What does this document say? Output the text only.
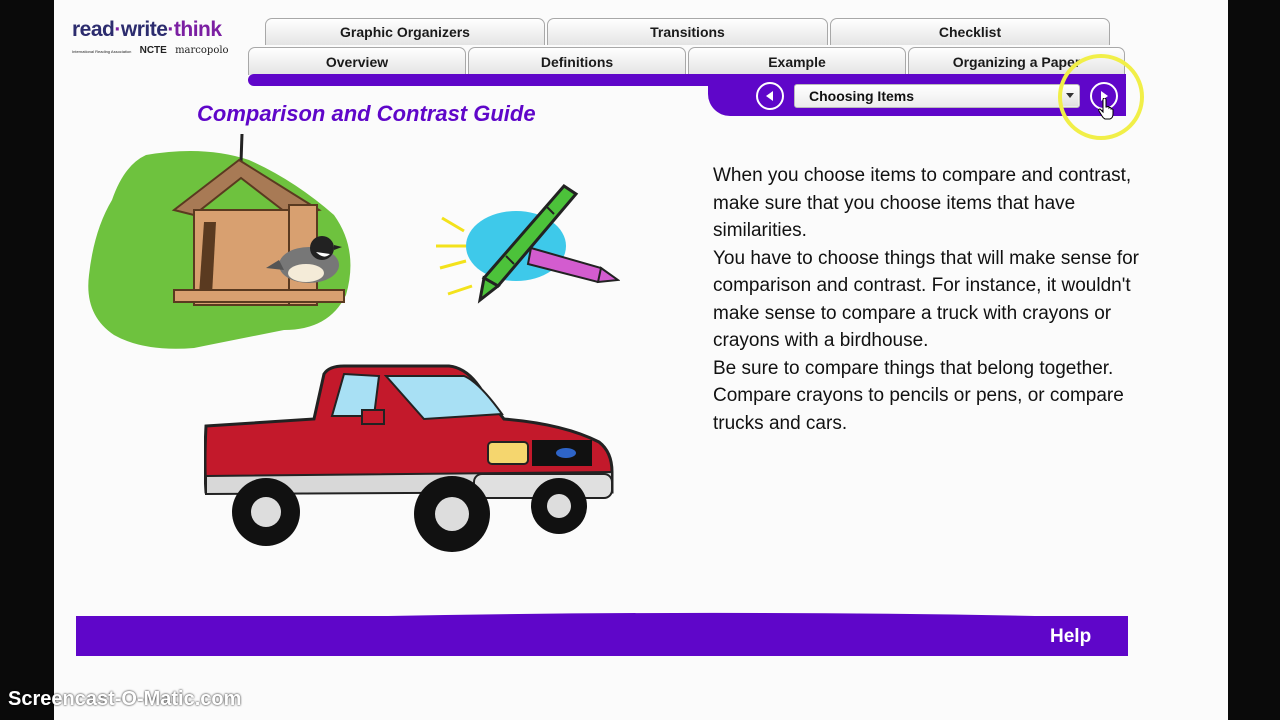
read·write·think
International Reading Association NCTE marcopolo
Graphic Organizers	Transitions	Checklist
Overview	Definitions	Example	Organizing a Paper
Choosing Items
Comparison and Contrast Guide

When you choose items to compare and contrast, make sure that you choose items that have similarities.

You have to choose things that will make sense for comparison and contrast. For instance, it wouldn't make sense to compare a truck with crayons or crayons with a birdhouse.

Be sure to compare things that belong together. Compare crayons to pencils or pens, or compare trucks and cars.

Help
Screencast-O-Matic.com
